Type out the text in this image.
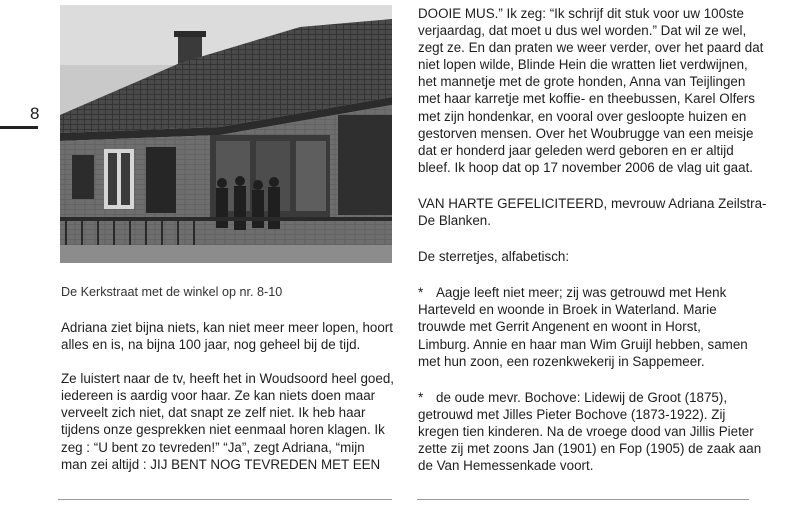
8
De Kerkstraat met de winkel op nr. 8-10

Adriana ziet bijna niets, kan niet meer meer lopen, hoort

alles en is, na bijna 100 jaar, nog geheel bij de tijd.

Ze luistert naar de tv, heeft het in Woudsoord heel goed,

iedereen is aardig voor haar. Ze kan niets doen maar

verveelt zich niet, dat snapt ze zelf niet. Ik heb haar

tijdens onze gesprekken niet eenmaal horen klagen. Ik

zeg : “U bent zo tevreden!” “Ja”, zegt Adriana, “mijn

man zei altijd : JIJ BENT NOG TEVREDEN MET EEN

DOOIE MUS.” Ik zeg: “Ik schrijf dit stuk voor uw 100ste

verjaardag, dat moet u dus wel worden.” Dat wil ze wel,

zegt ze. En dan praten we weer verder, over het paard dat

niet lopen wilde, Blinde Hein die wratten liet verdwijnen,

het mannetje met de grote honden, Anna van Teijlingen

met haar karretje met koffie- en theebussen, Karel Olfers

met zijn hondenkar, en vooral over gesloopte huizen en

gestorven mensen. Over het Woubrugge van een meisje

dat er honderd jaar geleden werd geboren en er altijd

bleef. Ik hoop dat op 17 november 2006 de vlag uit gaat.

VAN HARTE GEFELICITEERD, mevrouw Adriana Zeilstra-

De Blanken.

De sterretjes, alfabetisch:

* Aagje leeft niet meer; zij was getrouwd met Henk

Harteveld en woonde in Broek in Waterland. Marie

trouwde met Gerrit Angenent en woont in Horst,

Limburg. Annie en haar man Wim Gruijl hebben, samen

met hun zoon, een rozenkwekerij in Sappemeer.

* de oude mevr. Bochove: Lidewij de Groot (1875),

getrouwd met Jilles Pieter Bochove (1873-1922). Zij

kregen tien kinderen. Na de vroege dood van Jillis Pieter

zette zij met zoons Jan (1901) en Fop (1905) de zaak aan

de Van Hemessenkade voort.
